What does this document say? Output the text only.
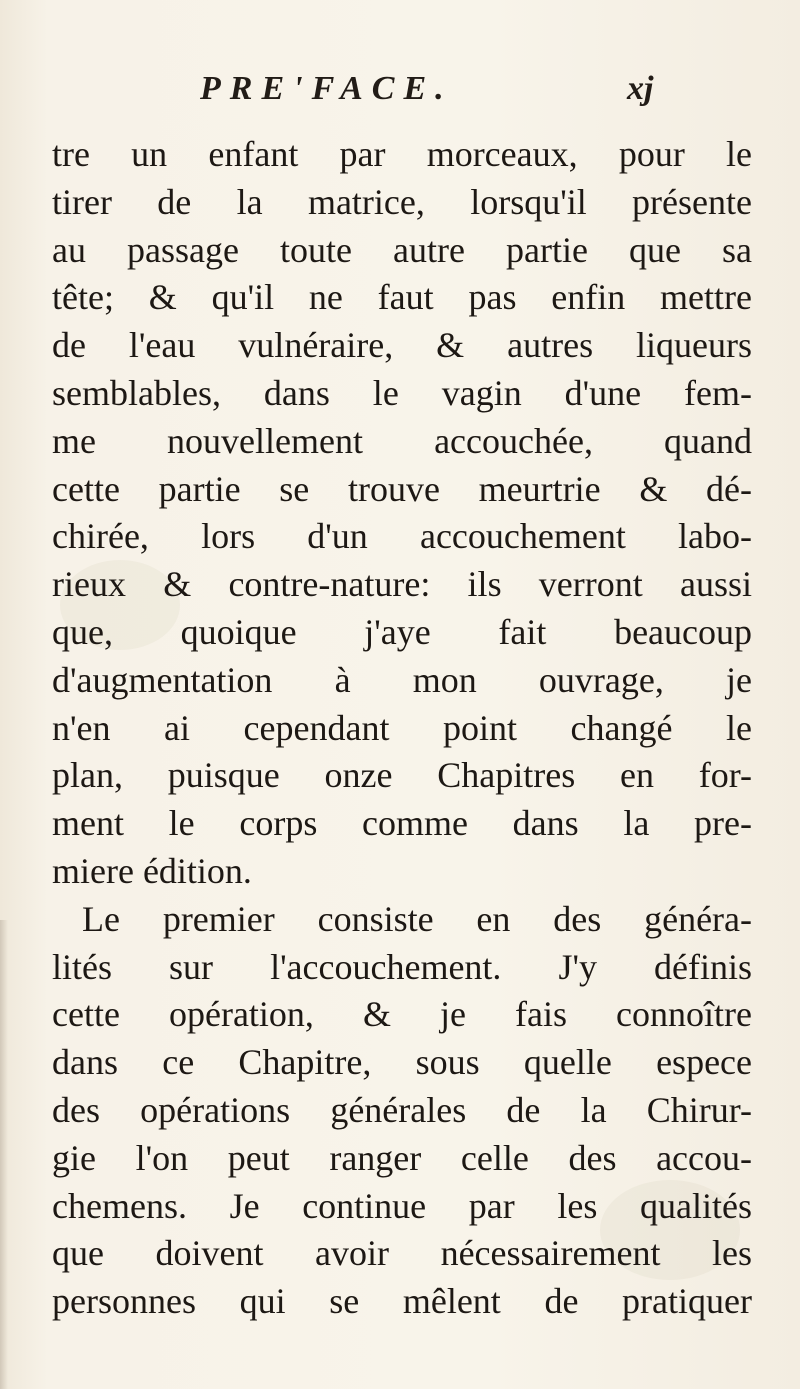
PRE'FACE.	xj
tre un enfant par morceaux, pour le
tirer de la matrice, lorsqu'il présente
au passage toute autre partie que sa
tête; & qu'il ne faut pas enfin mettre
de l'eau vulnéraire, & autres liqueurs
semblables, dans le vagin d'une fem-
me nouvellement accouchée, quand
cette partie se trouve meurtrie & dé-
chirée, lors d'un accouchement labo-
rieux & contre-nature: ils verront aussi
que, quoique j'aye fait beaucoup
d'augmentation à mon ouvrage, je
n'en ai cependant point changé le
plan, puisque onze Chapitres en for-
ment le corps comme dans la pre-
miere édition.
Le premier consiste en des généra-
lités sur l'accouchement. J'y définis
cette opération, & je fais connoître
dans ce Chapitre, sous quelle espece
des opérations générales de la Chirur-
gie l'on peut ranger celle des accou-
chemens. Je continue par les qualités
que doivent avoir nécessairement les
personnes qui se mêlent de pratiquer
